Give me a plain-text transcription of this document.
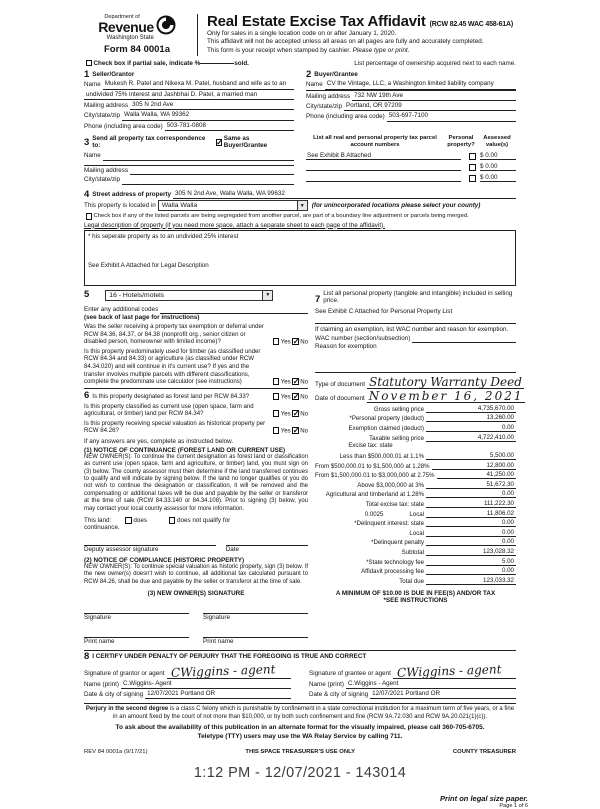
Department of
Revenue
Washington State
Form 84 0001a
Real Estate Excise Tax Affidavit (RCW 82.45 WAC 458-61A)
Only for sales in a single location code on or after January 1, 2020.
This affidavit will not be accepted unless all areas on all pages are fully and accurately completed.
This form is your receipt when stamped by cashier. Please type or print.
Check box if partial sale, indicate %	sold.	List percentage of ownership acquired next to each name.
1 Seller/Grantor
Name Mukesh R. Patel and Nikexa M. Patel, husband and wife as to an
undivided 75% interest and Jashbhai D. Patel, a married man
Mailing address 305 N 2nd Ave
City/state/zip Walla Walla, WA 99362
Phone (including area code) 503-781-0808
2 Buyer/Grantee
Name CV the Vintage, LLC, a Washington limited liability company
Mailing address 732 NW 19th Ave
City/state/zip Portland, OR 97209
Phone (including area code) 503-697-7100
3 Send all property tax correspondence to:
✓
Same as Buyer/Grantee
Name
Mailing address
City/state/zip
List all real and personal property tax parcel account numbers
Personal property?
Assessed value(s)
See Exhibit B Attached	$ 0.00
$ 0.00
$ 0.00
4 Street address of property 305 N 2nd Ave, Walla Walla, WA 99632
This property is located in Walla Walla	▼	(for unincorporated locations please select your county)
Check box if any of the listed parcels are being segregated from another parcel, are part of a boundary line adjustment or parcels being merged.
Legal description of property (if you need more space, attach a separate sheet to each page of the affidavit).
* his seperate property as to an undivided 25% interest
See Exhibit A Attached for Legal Description
5	16 - Hotels/motels	▼
Enter any additional codes
(see back of last page for instructions)
Was the seller receiving a property tax exemption or deferral under RCW 84.36, 84.37, or 84.38 (nonprofit org., senior citizen or disabled person, homeowner with limited income)?	Yes ✓ No
Is this property predominately used for timber (as classified under RCW 84.34 and 84.33) or agriculture (as classified under RCW 84.34.020) and will continue in it's current use? If yes and the transfer involves multiple parcels with different classifications, complete the predominate use calculator (see instructions)	Yes ✓ No
6 Is this property designated as forest land per RCW 84.33?	Yes ✓ No
Is this property classified as current use (open space, farm and agricultural, or timber) land per RCW 84.34?	Yes ✓ No
Is this property receiving special valuation as historical property per RCW 84.26?	Yes ✓ No
If any answers are yes, complete as instructed below.
(1) NOTICE OF CONTINUANCE (FOREST LAND OR CURRENT USE)
NEW OWNER(S): To continue the current designation as forest land or classification as current use (open space, farm and agriculture, or timber) land, you must sign on (3) below. The county assessor must then determine if the land transferred continues to qualify and will indicate by signing below. If the land no longer qualifies or you do not wish to continue the designation or classification, it will be removed and the compensating or additional taxes will be due and payable by the seller or transferor at the time of sale (RCW 84.33.140 or 84.34.108). Prior to signing (3) below, you may contact your local county assessor for more information.
This land:	does	does not qualify for
continuance.
Deputy assessor signature	Date
(2) NOTICE OF COMPLIANCE (HISTORIC PROPERTY)
NEW OWNER(S): To continue special valuation as historic property, sign (3) below. If the new owner(s) doesn't wish to continue, all additional tax calculated pursuant to RCW 84.26, shall be due and payable by the seller or transferor at the time of sale.
(3) NEW OWNER(S) SIGNATURE
Signature	Signature
Print name	Print name
7
List all personal property (tangible and intangible) included in selling price.
See Exhibit C Attached for Personal Property List
If claiming an exemption, list WAC number and reason for exemption.
WAC number (section/subsection)
Reason for exemption
Type of document Statutory Warranty Deed
Date of document November 16, 2021
Gross selling price	4,735,670.00
*Personal property (deduct)	13,260.00
Exemption claimed (deduct)	0.00
Taxable selling price	4,722,410.00
Excise tax: state
Less than $500,000.01 at 1.1%	5,500.00
From $500,000.01 to $1,500,000 at 1.28%	12,800.00
From $1,500,000.01 to $3,000,000 at 2.75%	41,250.00
Above $3,000,000 at 3%	51,672.30
Agricultural and timberland at 1.28%	0.00
Total excise tax: state	111,222.30
0.0025	Local	11,806.02
*Delinquent interest: state	0.00
Local	0.00
*Delinquent penalty	0.00
Subtotal	123,028.32
*State technology fee	5.00
Affidavit processing fee	0.00
Total due	123,033.32
A MINIMUM OF $10.00 IS DUE IN FEE(S) AND/OR TAX
*SEE INSTRUCTIONS
8 I CERTIFY UNDER PENALTY OF PERJURY THAT THE FOREGOING IS TRUE AND CORRECT
Signature of grantor or agent CWiggins - agent
Name (print) C.Wiggins- Agent
Date & city of signing 12/07/2021 Portland OR
Signature of grantee or agent CWiggins - agent
Name (print) C.Wiggins - Agent
Date & city of signing 12/07/2021 Portland OR
Perjury in the second degree is a class C felony which is punishable by confinement in a state correctional institution for a maximum term of five years, or a fine in an amount fixed by the court of not more than $10,000, or by both such confinement and fine (RCW 9A.72.030 and RCW 9A.20.021(1)(c)).
To ask about the availability of this publication in an alternate format for the visually impaired, please call 360-705-6705. Teletype (TTY) users may use the WA Relay Service by calling 711.
REV 84 0001a (9/17/21)	THIS SPACE TREASURER'S USE ONLY	COUNTY TREASURER
1:12 PM - 12/07/2021 - 143014
Print on legal size paper.
Page 1 of 6
